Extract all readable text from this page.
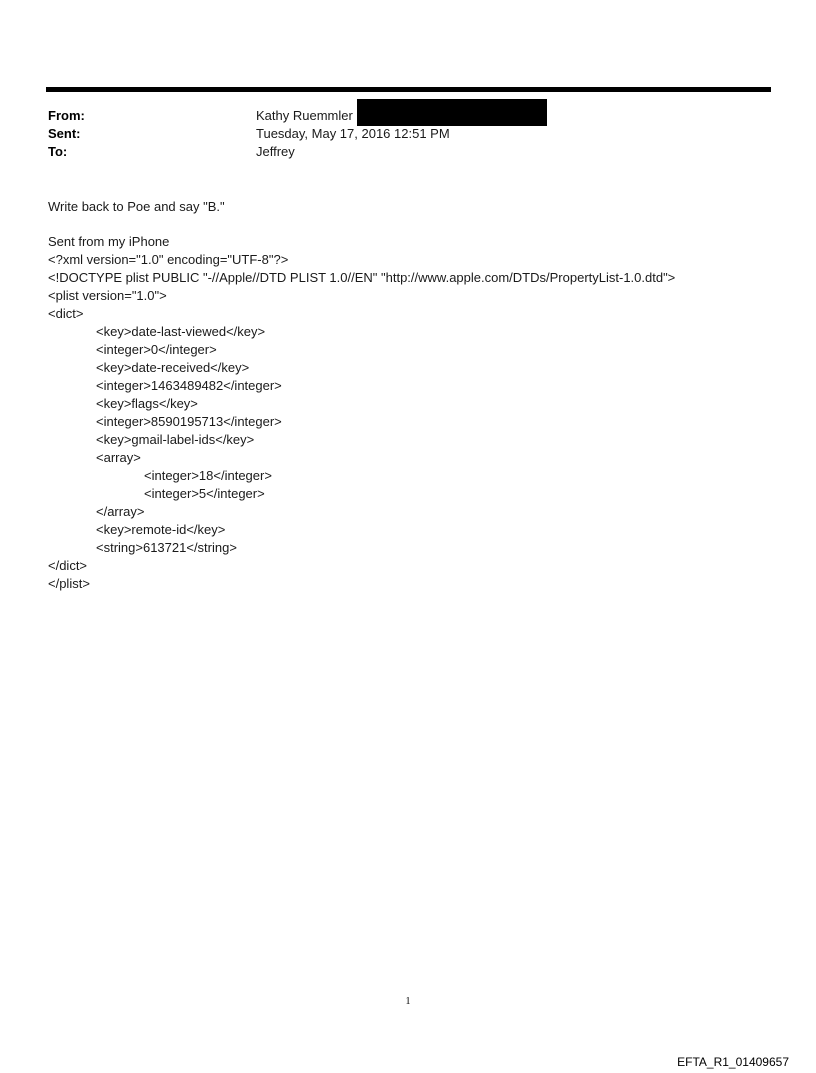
From:	Kathy Ruemmler
Sent:	Tuesday, May 17, 2016 12:51 PM
To:	Jeffrey
Write back to Poe and say "B."
Sent from my iPhone
<?xml version="1.0" encoding="UTF-8"?>
<!DOCTYPE plist PUBLIC "-//Apple//DTD PLIST 1.0//EN" "http://www.apple.com/DTDs/PropertyList-1.0.dtd">
<plist version="1.0">
<dict>
<key>date-last-viewed</key>
<integer>0</integer>
<key>date-received</key>
<integer>1463489482</integer>
<key>flags</key>
<integer>8590195713</integer>
<key>gmail-label-ids</key>
<array>
<integer>18</integer>
<integer>5</integer>
</array>
<key>remote-id</key>
<string>613721</string>
</dict>
</plist>
1
EFTA_R1_01409657
